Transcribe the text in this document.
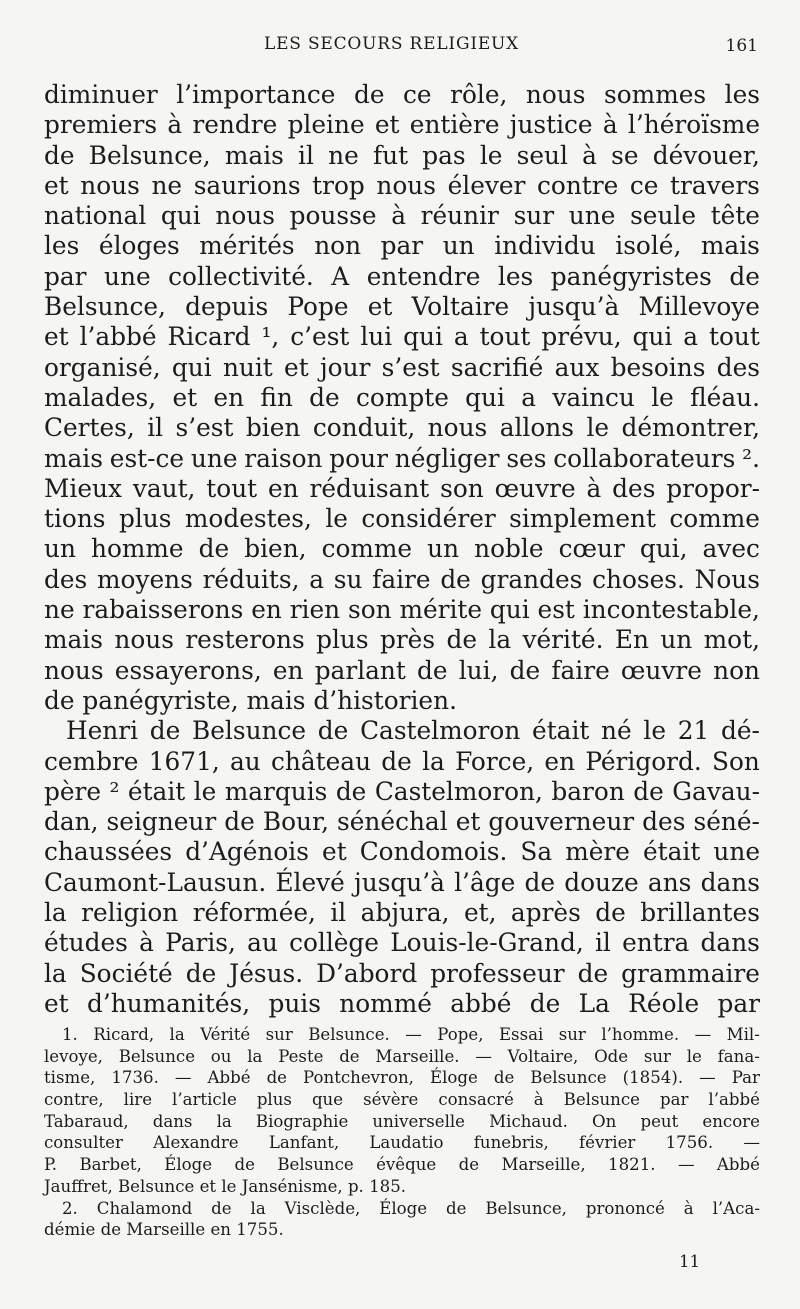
LES SECOURS RELIGIEUX	161
diminuer l’importance de ce rôle, nous sommes les
premiers à rendre pleine et entière justice à l’héroïsme
de Belsunce, mais il ne fut pas le seul à se dévouer,
et nous ne saurions trop nous élever contre ce travers
national qui nous pousse à réunir sur une seule tête
les éloges mérités non par un individu isolé, mais
par une collectivité. A entendre les panégyristes de
Belsunce, depuis Pope et Voltaire jusqu’à Millevoye
et l’abbé Ricard ¹, c’est lui qui a tout prévu, qui a tout
organisé, qui nuit et jour s’est sacrifié aux besoins des
malades, et en fin de compte qui a vaincu le fléau.
Certes, il s’est bien conduit, nous allons le démontrer,
mais est-ce une raison pour négliger ses collaborateurs ².
Mieux vaut, tout en réduisant son œuvre à des propor-
tions plus modestes, le considérer simplement comme
un homme de bien, comme un noble cœur qui, avec
des moyens réduits, a su faire de grandes choses. Nous
ne rabaisserons en rien son mérite qui est incontestable,
mais nous resterons plus près de la vérité. En un mot,
nous essayerons, en parlant de lui, de faire œuvre non
de panégyriste, mais d’historien.
Henri de Belsunce de Castelmoron était né le 21 dé-
cembre 1671, au château de la Force, en Périgord. Son
père ² était le marquis de Castelmoron, baron de Gavau-
dan, seigneur de Bour, sénéchal et gouverneur des séné-
chaussées d’Agénois et Condomois. Sa mère était une
Caumont-Lausun. Élevé jusqu’à l’âge de douze ans dans
la religion réformée, il abjura, et, après de brillantes
études à Paris, au collège Louis-le-Grand, il entra dans
la Société de Jésus. D’abord professeur de grammaire
et d’humanités, puis nommé abbé de La Réole par
1. Ricard, la Vérité sur Belsunce. — Pope, Essai sur l’homme. — Mil-
levoye, Belsunce ou la Peste de Marseille. — Voltaire, Ode sur le fana-
tisme, 1736. — Abbé de Pontchevron, Éloge de Belsunce (1854). — Par
contre, lire l’article plus que sévère consacré à Belsunce par l’abbé
Tabaraud, dans la Biographie universelle Michaud. On peut encore
consulter Alexandre Lanfant, Laudatio funebris, février 1756. —
P. Barbet, Éloge de Belsunce évêque de Marseille, 1821. — Abbé
Jauffret, Belsunce et le Jansénisme, p. 185.
2. Chalamond de la Visclède, Éloge de Belsunce, prononcé à l’Aca-
démie de Marseille en 1755.
11
